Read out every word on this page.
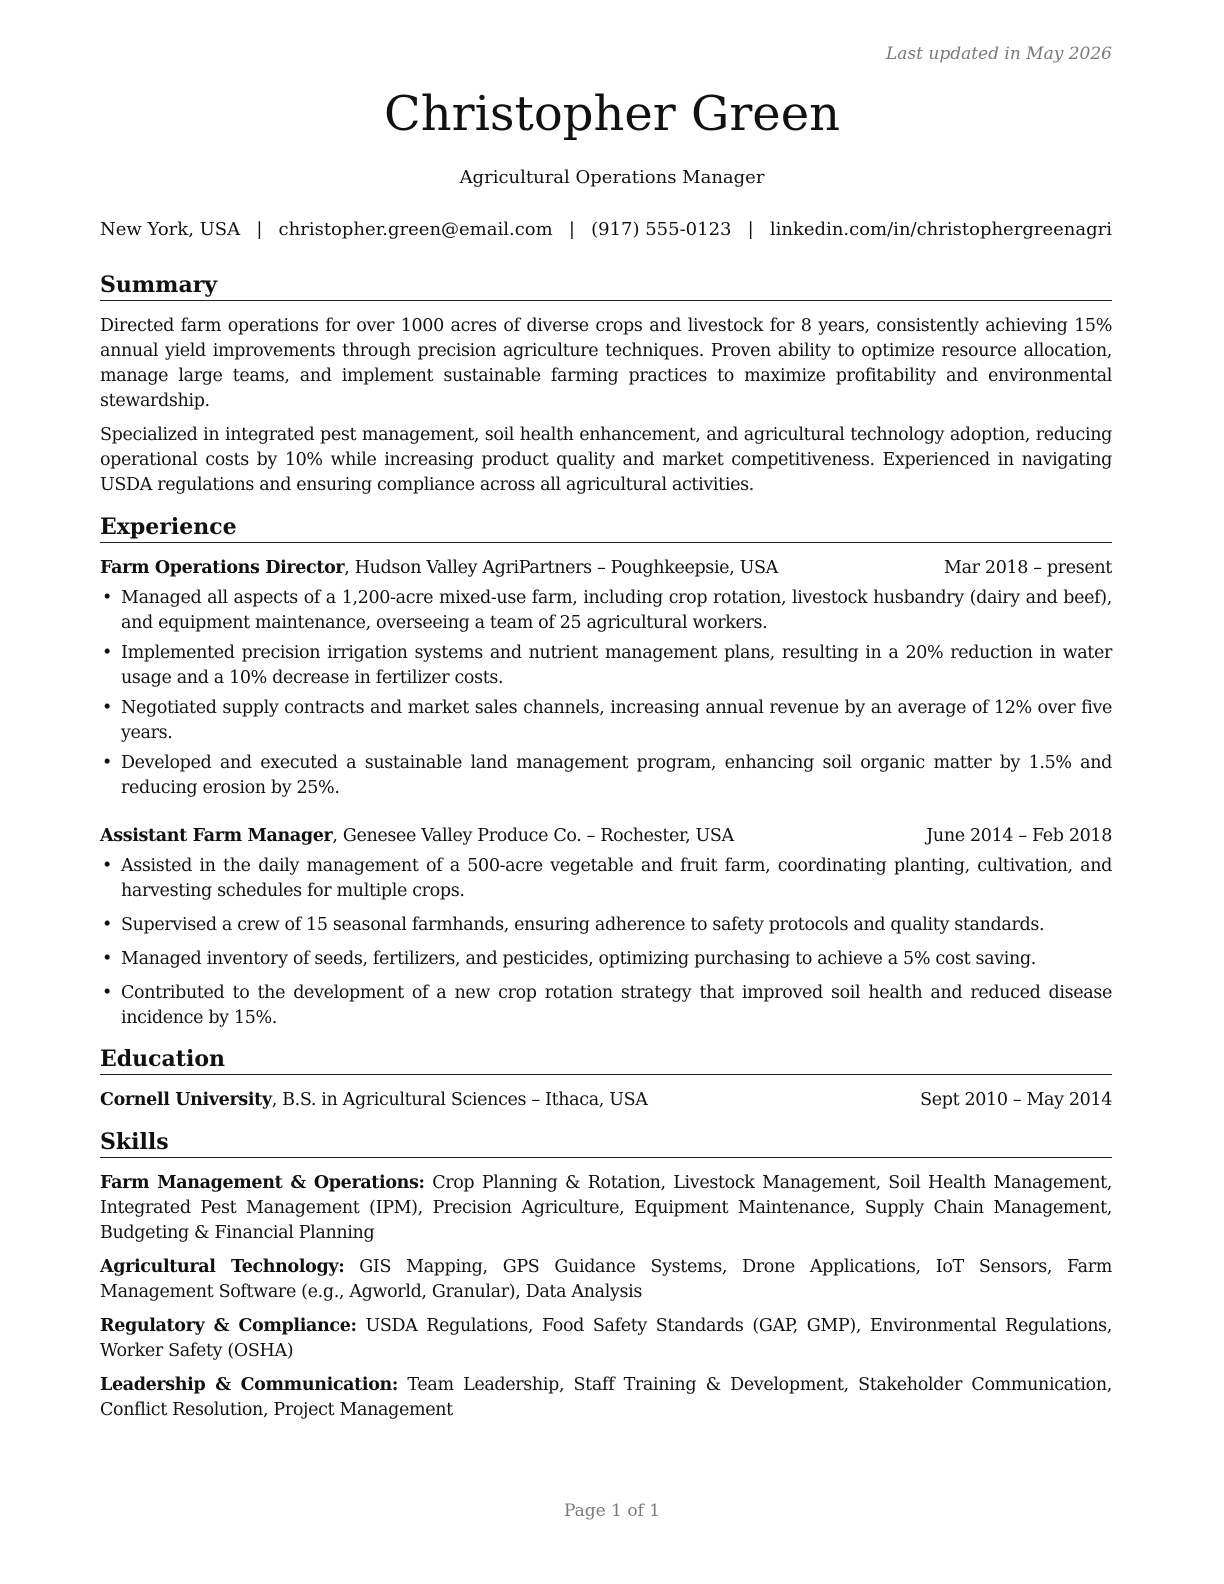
Last updated in May 2026
Christopher Green
Agricultural Operations Manager
New York, USA | christopher.green@email.com | (917) 555-0123 | linkedin.com/in/christophergreenagri
Summary

Directed farm operations for over 1000 acres of diverse crops and livestock for 8 years, consistently achieving 15% annual yield improvements through precision agriculture techniques. Proven ability to optimize resource allocation, manage large teams, and implement sustainable farming practices to maximize profitability and environmental stewardship.

Specialized in integrated pest management, soil health enhancement, and agricultural technology adoption, reducing operational costs by 10% while increasing product quality and market competitiveness. Experienced in navigating USDA regulations and ensuring compliance across all agricultural activities.

Experience
Farm Operations Director, Hudson Valley AgriPartners – Poughkeepsie, USA	Mar 2018 – present
• Managed all aspects of a 1,200-acre mixed-use farm, including crop rotation, livestock husbandry (dairy and beef), and equipment maintenance, overseeing a team of 25 agricultural workers.
• Implemented precision irrigation systems and nutrient management plans, resulting in a 20% reduction in water usage and a 10% decrease in fertilizer costs.
• Negotiated supply contracts and market sales channels, increasing annual revenue by an average of 12% over five years.
• Developed and executed a sustainable land management program, enhancing soil organic matter by 1.5% and reducing erosion by 25%.
Assistant Farm Manager, Genesee Valley Produce Co. – Rochester, USA	June 2014 – Feb 2018
• Assisted in the daily management of a 500-acre vegetable and fruit farm, coordinating planting, cultivation, and harvesting schedules for multiple crops.
• Supervised a crew of 15 seasonal farmhands, ensuring adherence to safety protocols and quality standards.
• Managed inventory of seeds, fertilizers, and pesticides, optimizing purchasing to achieve a 5% cost saving.
• Contributed to the development of a new crop rotation strategy that improved soil health and reduced disease incidence by 15%.
Education
Cornell University, B.S. in Agricultural Sciences – Ithaca, USA	Sept 2010 – May 2014
Skills

Farm Management & Operations: Crop Planning & Rotation, Livestock Management, Soil Health Management, Integrated Pest Management (IPM), Precision Agriculture, Equipment Maintenance, Supply Chain Management, Budgeting & Financial Planning

Agricultural Technology: GIS Mapping, GPS Guidance Systems, Drone Applications, IoT Sensors, Farm Management Software (e.g., Agworld, Granular), Data Analysis

Regulatory & Compliance: USDA Regulations, Food Safety Standards (GAP, GMP), Environmental Regulations, Worker Safety (OSHA)

Leadership & Communication: Team Leadership, Staff Training & Development, Stakeholder Communication, Conflict Resolution, Project Management

Page 1 of 1
